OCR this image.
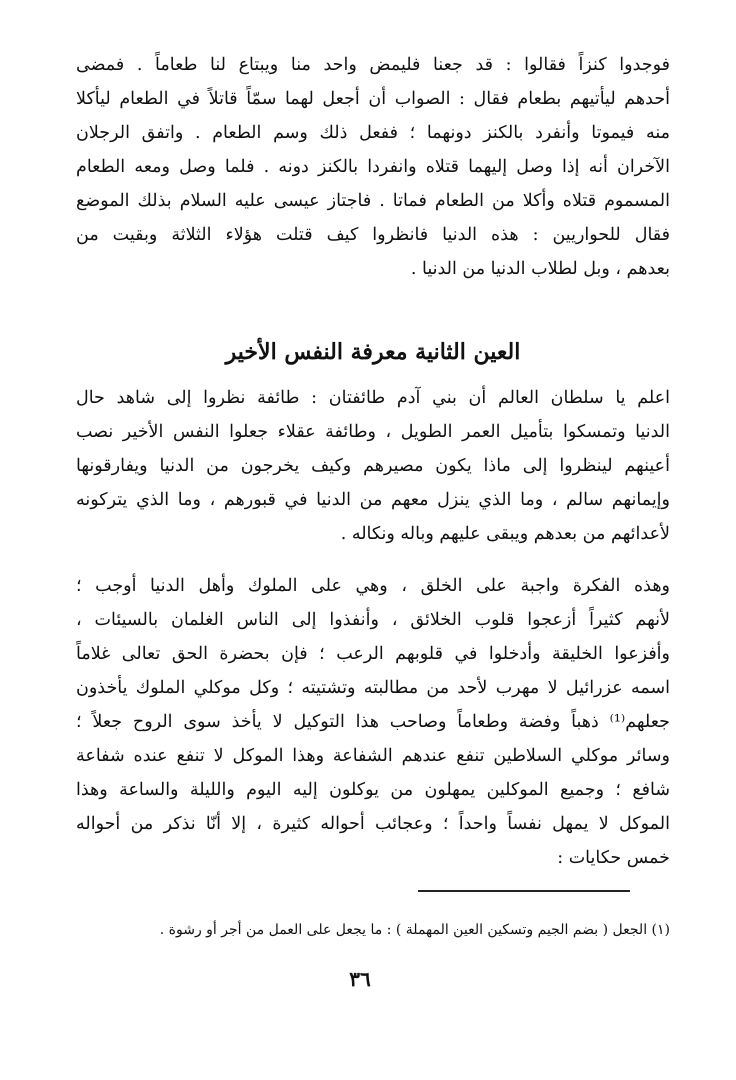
فوجدوا كنزاً فقالوا : قد جعنا فليمض واحد منا ويبتاع لنا طعاماً . فمضى
أحدهم ليأتيهم بطعام فقال : الصواب أن أجعل لهما سمّاً قاتلاً في الطعام ليأكلا
منه فيموتا وأنفرد بالكنز دونهما ؛ ففعل ذلك وسم الطعام . واتفق الرجلان
الآخران أنه إذا وصل إليهما قتلاه وانفردا بالكنز دونه . فلما وصل ومعه الطعام
المسموم قتلاه وأكلا من الطعام فماتا . فاجتاز عيسى عليه السلام بذلك الموضع
فقال للحواريين : هذه الدنيا فانظروا كيف قتلت هؤلاء الثلاثة وبقيت من
بعدهم ، وبل لطلاب الدنيا من الدنيا .
العين الثانية معرفة النفس الأخير
اعلم يا سلطان العالم أن بني آدم طائفتان : طائفة نظروا إلى شاهد حال
الدنيا وتمسكوا بتأميل العمر الطويل ، وطائفة عقلاء جعلوا النفس الأخير نصب
أعينهم لينظروا إلى ماذا يكون مصيرهم وكيف يخرجون من الدنيا ويفارقونها
وإيمانهم سالم ، وما الذي ينزل معهم من الدنيا في قبورهم ، وما الذي يتركونه
لأعدائهم من بعدهم ويبقى عليهم وباله ونكاله .
وهذه الفكرة واجبة على الخلق ، وهي على الملوك وأهل الدنيا أوجب ؛
لأنهم كثيراً أزعجوا قلوب الخلائق ، وأنفذوا إلى الناس الغلمان بالسيئات ،
وأفزعوا الخليقة وأدخلوا في قلوبهم الرعب ؛ فإن بحضرة الحق تعالى غلاماً
اسمه عزرائيل لا مهرب لأحد من مطالبته وتشتيته ؛ وكل موكلي الملوك يأخذون
جعلهم⁽¹⁾ ذهباً وفضة وطعاماً وصاحب هذا التوكيل لا يأخذ سوى الروح جعلاً ؛
وسائر موكلي السلاطين تنفع عندهم الشفاعة وهذا الموكل لا تنفع عنده شفاعة
شافع ؛ وجميع الموكلين يمهلون من يوكلون إليه اليوم والليلة والساعة وهذا
الموكل لا يمهل نفساً واحداً ؛ وعجائب أحواله كثيرة ، إلا أنّا نذكر من أحواله
خمس حكايات :
(١) الجعل ( بضم الجيم وتسكين العين المهملة ) : ما يجعل على العمل من أجر أو رشوة .
٣٦
